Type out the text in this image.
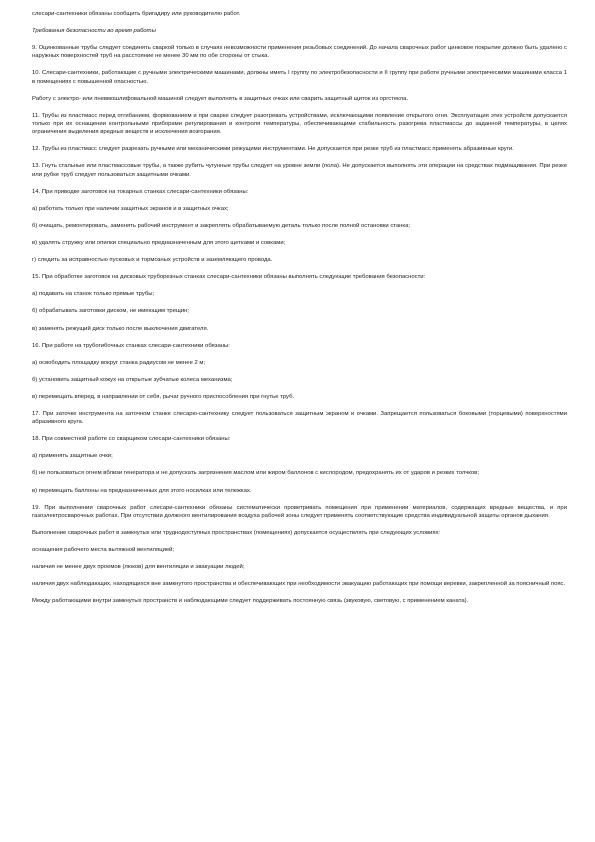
слесари-сантехники обязаны сообщить бригадиру или руководителю работ.

Требования безопасности во время работы

9. Оцинкованные трубы следует соединять сваркой только в случаях невозможности применения резьбовых соединений. До начала сварочных работ цинковое покрытие должно быть удалено с наружных поверхностей труб на расстояние не менее 30 мм по обе стороны от стыка.

10. Слесари-сантехники, работающие с ручными электрическими машинами, должны иметь I группу по электробезопасности и II группу при работе ручными электрическими машинами класса 1 в помещениях с повышенной опасностью.

Работу с электро- или пневмошлифовальной машиной следует выполнять в защитных очках или сварить защитный щиток из оргстекла.

11. Трубы из пластмасс перед отгибанием, формованием и при сварке следует разогревать устройствами, исключающими появление открытого огня. Эксплуатация этих устройств допускается только при их оснащении контрольными приборами регулирования и контроля температуры, обеспечивающими стабильность разогрева пластмассы до заданной температуры, в целях ограничения выделения вредных веществ и исключения возгорания.

12. Трубы из пластмасс следует разрезать ручными или механическими режущими инструментами. Не допускается при резке труб из пластмасс применять абразивные круги.

13. Гнуть стальные или пластмассовые трубы, а также рубить чугунные трубы следует на уровне земли (пола). Не допускается выполнять эти операции на средствах подмащивания. При резке или рубке труб следует пользоваться защитными очками.

14. При приводке заготовок на токарных станках слесари-сантехники обязаны:

а) работать только при наличии защитных экранов и в защитных очках;

б) очищать, ремонтировать, заменять рабочий инструмент и закреплять обрабатываемую деталь только после полной остановки станка;

в) удалять стружку или опилки специально предназначенным для этого щетками и совками;

г) следить за исправностью пусковых и тормозных устройств и заземляющего провода.

15. При обработке заготовок на дисковых труборезных станках слесари-сантехники обязаны выполнять следующие требования безопасности:

а) подавать на станок только прямые трубы;

б) обрабатывать заготовки диском, не имеющим трещин;

в) заменять режущий диск только после выключения двигателя.

16. При работе на трубогибочных станках слесари-сантехники обязаны:

а) освободить площадку вокруг станка радиусом не менее 2 м;

б) установить защитный кожух на открытые зубчатые колеса механизма;

в) перемещать вперед, в направлении от себя, рычаг ручного приспособления при гнутье труб.

17. При заточке инструмента на заточном станке слесарю-сантехнику следует пользоваться защитным экраном и очками. Запрещается пользоваться боковыми (торцевыми) поверхностями абразивного круга.

18. При совместной работе со сварщиком слесари-сантехники обязаны:

а) применять защитные очки;

б) не пользоваться огнем вблизи генератора и не допускать загрязнения маслом или жиром баллонов с кислородом, предохранять их от ударов и резких толчков;

в) перемещать баллоны на предназначенных для этого носилках или тележках.

19. При выполнении сварочных работ слесари-сантехники обязаны систематически проветривать помещения при применении материалов, содержащих вредные вещества, и при газоэлектросварочных работах. При отсутствии должного вентилирования воздуха рабочей зоны следует применять соответствующие средства индивидуальной защиты органов дыхания.

Выполнение сварочных работ в замкнутых или труднодоступных пространствах (помещениях) допускается осуществлять при следующих условиях:

оснащения рабочего места вытяжной вентиляцией;

наличия не менее двух проемов (люков) для вентиляции и эвакуации людей;

наличия двух наблюдающих, находящихся вне замкнутого пространства и обеспечивающих при необходимости эвакуацию работающих при помощи веревки, закрепленной за поясничный пояс.

Между работающими внутри замкнутых пространств и наблюдающими следует поддерживать постоянную связь (звуковую, световую, с применением каната).
